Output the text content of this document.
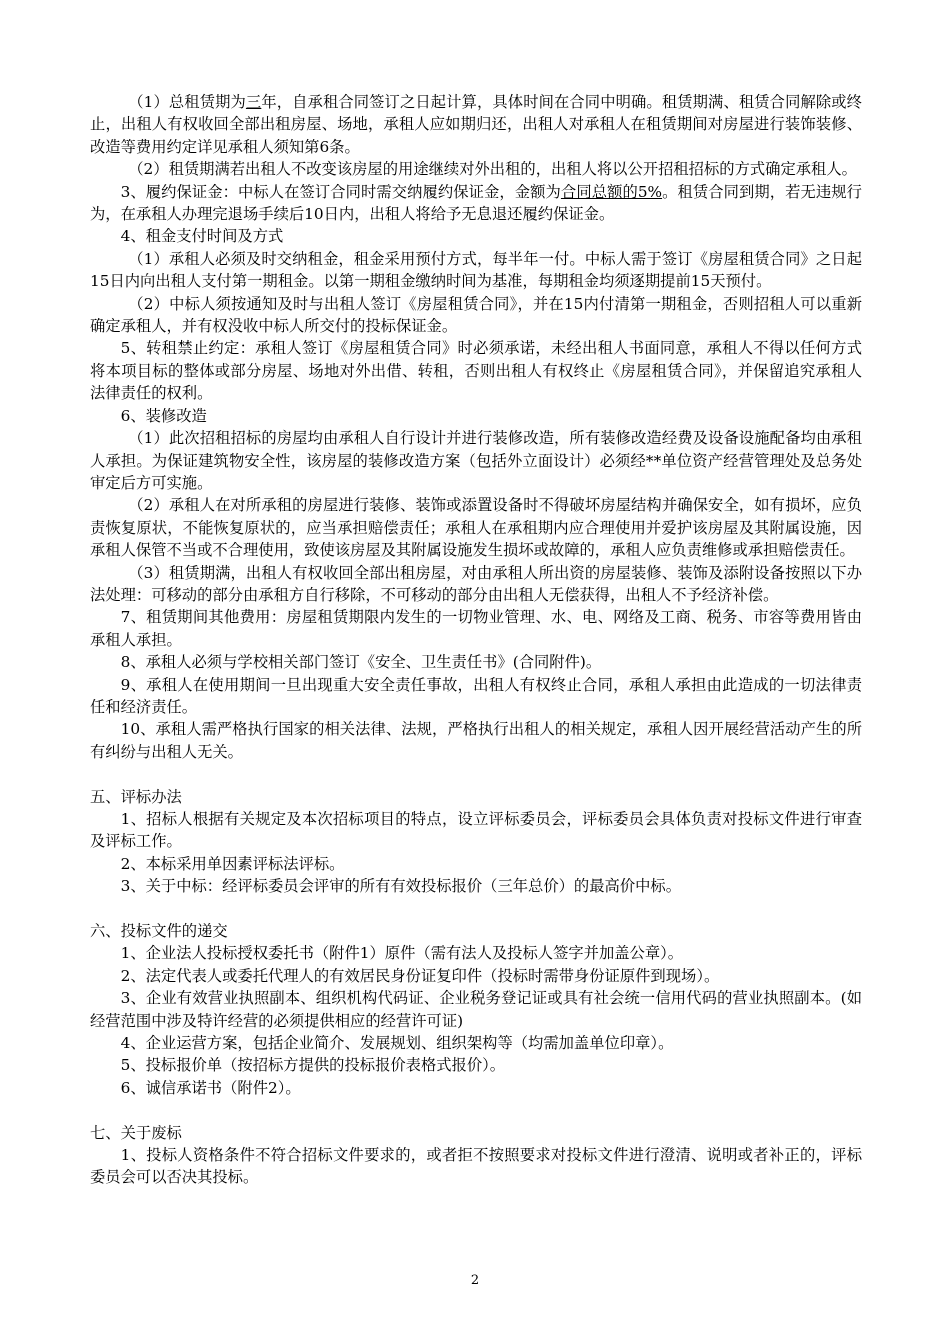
（1）总租赁期为三年，自承租合同签订之日起计算，具体时间在合同中明确。租赁期满、租赁合同解除或终止，出租人有权收回全部出租房屋、场地，承租人应如期归还，出租人对承租人在租赁期间对房屋进行装饰装修、改造等费用约定详见承租人须知第6条。

（2）租赁期满若出租人不改变该房屋的用途继续对外出租的，出租人将以公开招租招标的方式确定承租人。

3、履约保证金：中标人在签订合同时需交纳履约保证金，金额为合同总额的5%。租赁合同到期，若无违规行为，在承租人办理完退场手续后10日内，出租人将给予无息退还履约保证金。

4、租金支付时间及方式

（1）承租人必须及时交纳租金，租金采用预付方式，每半年一付。中标人需于签订《房屋租赁合同》之日起15日内向出租人支付第一期租金。以第一期租金缴纳时间为基准，每期租金均须逐期提前15天预付。

（2）中标人须按通知及时与出租人签订《房屋租赁合同》，并在15内付清第一期租金，否则招租人可以重新确定承租人，并有权没收中标人所交付的投标保证金。

5、转租禁止约定：承租人签订《房屋租赁合同》时必须承诺，未经出租人书面同意，承租人不得以任何方式将本项目标的整体或部分房屋、场地对外出借、转租，否则出租人有权终止《房屋租赁合同》，并保留追究承租人法律责任的权利。

6、装修改造

（1）此次招租招标的房屋均由承租人自行设计并进行装修改造，所有装修改造经费及设备设施配备均由承租人承担。为保证建筑物安全性，该房屋的装修改造方案（包括外立面设计）必须经**单位资产经营管理处及总务处审定后方可实施。

（2）承租人在对所承租的房屋进行装修、装饰或添置设备时不得破坏房屋结构并确保安全，如有损坏，应负责恢复原状，不能恢复原状的，应当承担赔偿责任；承租人在承租期内应合理使用并爱护该房屋及其附属设施，因承租人保管不当或不合理使用，致使该房屋及其附属设施发生损坏或故障的，承租人应负责维修或承担赔偿责任。

（3）租赁期满，出租人有权收回全部出租房屋，对由承租人所出资的房屋装修、装饰及添附设备按照以下办法处理：可移动的部分由承租方自行移除，不可移动的部分由出租人无偿获得，出租人不予经济补偿。

7、租赁期间其他费用：房屋租赁期限内发生的一切物业管理、水、电、网络及工商、税务、市容等费用皆由承租人承担。

8、承租人必须与学校相关部门签订《安全、卫生责任书》(合同附件)。

9、承租人在使用期间一旦出现重大安全责任事故，出租人有权终止合同，承租人承担由此造成的一切法律责任和经济责任。

10、承租人需严格执行国家的相关法律、法规，严格执行出租人的相关规定，承租人因开展经营活动产生的所有纠纷与出租人无关。

五、评标办法

1、招标人根据有关规定及本次招标项目的特点，设立评标委员会，评标委员会具体负责对投标文件进行审查及评标工作。

2、本标采用单因素评标法评标。

3、关于中标：经评标委员会评审的所有有效投标报价（三年总价）的最高价中标。

六、投标文件的递交

1、企业法人投标授权委托书（附件1）原件（需有法人及投标人签字并加盖公章）。

2、法定代表人或委托代理人的有效居民身份证复印件（投标时需带身份证原件到现场）。

3、企业有效营业执照副本、组织机构代码证、企业税务登记证或具有社会统一信用代码的营业执照副本。(如经营范围中涉及特许经营的必须提供相应的经营许可证)

4、企业运营方案，包括企业简介、发展规划、组织架构等（均需加盖单位印章）。

5、投标报价单（按招标方提供的投标报价表格式报价）。

6、诚信承诺书（附件2）。

七、关于废标

1、投标人资格条件不符合招标文件要求的，或者拒不按照要求对投标文件进行澄清、说明或者补正的，评标委员会可以否决其投标。

2
